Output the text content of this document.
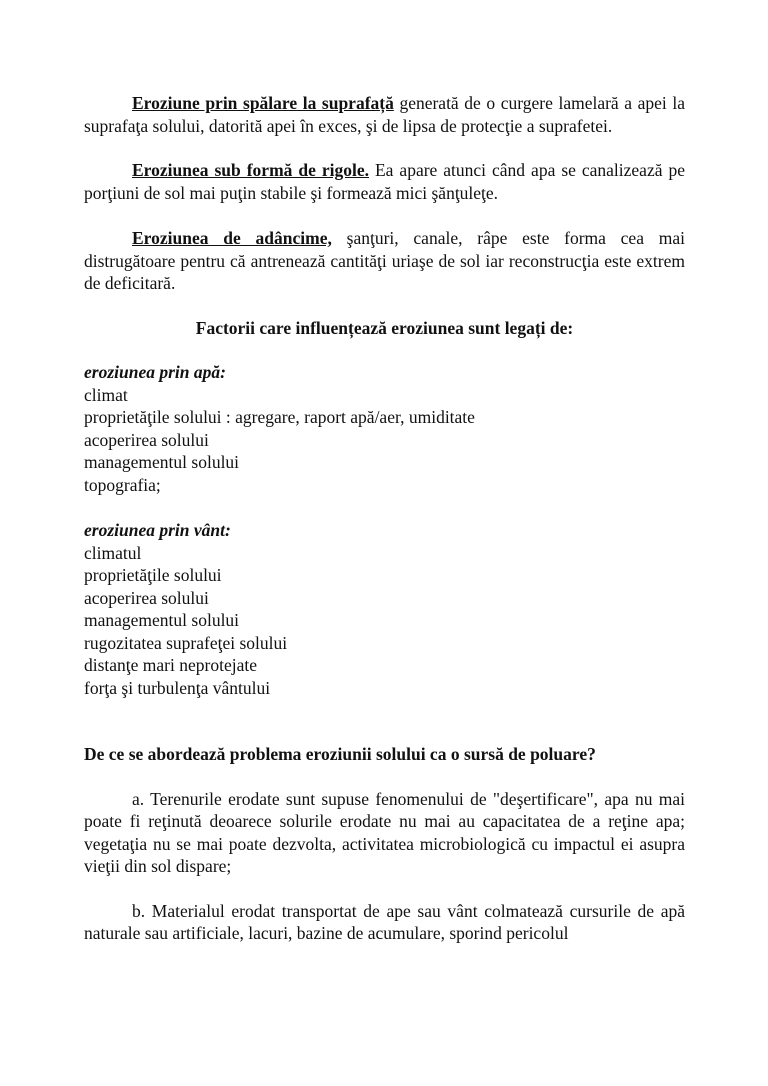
Eroziune prin spălare la suprafață generată de o curgere lamelară a apei la suprafaţa solului, datorită apei în exces, şi de lipsa de protecţie a suprafetei.

Eroziunea sub formă de rigole. Ea apare atunci când apa se canalizează pe porţiuni de sol mai puţin stabile şi formează mici şănţuleţe.

Eroziunea de adâncime, şanţuri, canale, râpe este forma cea mai distrugătoare pentru că antrenează cantităţi uriaşe de sol iar reconstrucţia este extrem de deficitară.

Factorii care influențează eroziunea sunt legați de:

eroziunea prin apă:

climat
proprietăţile solului : agregare, raport apă/aer, umiditate
acoperirea solului
managementul solului
topografia;

eroziunea prin vânt:

climatul
proprietăţile solului
acoperirea solului
managementul solului
rugozitatea suprafeţei solului
distanţe mari neprotejate
forţa şi turbulenţa vântului

De ce se abordează problema eroziunii solului ca o sursă de poluare?

a. Terenurile erodate sunt supuse fenomenului de "deşertificare", apa nu mai poate fi reţinută deoarece solurile erodate nu mai au capacitatea de a reţine apa; vegetaţia nu se mai poate dezvolta, activitatea microbiologică cu impactul ei asupra vieţii din sol dispare;

b. Materialul erodat transportat de ape sau vânt colmatează cursurile de apă naturale sau artificiale, lacuri, bazine de acumulare, sporind pericolul
